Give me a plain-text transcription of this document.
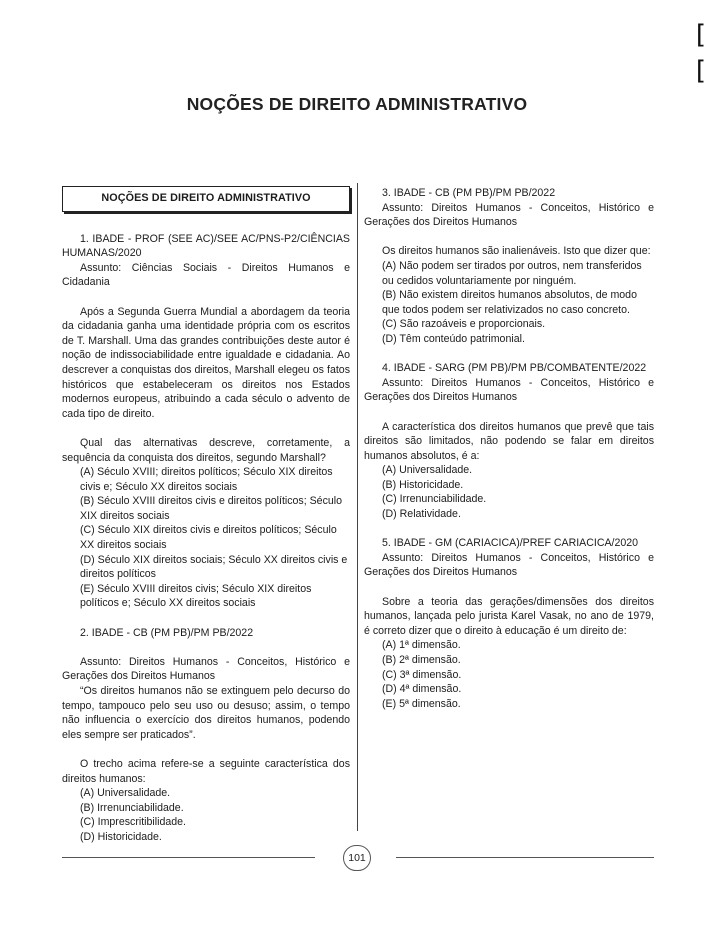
[
[
NOÇÕES DE DIREITO ADMINISTRATIVO
NOÇÕES DE DIREITO ADMINISTRATIVO

1. IBADE - PROF (SEE AC)/SEE AC/PNS-P2/CIÊNCIAS HUMANAS/2020

Assunto: Ciências Sociais - Direitos Humanos e Cidadania

Após a Segunda Guerra Mundial a abordagem da teoria da cidadania ganha uma identidade própria com os escritos de T. Marshall. Uma das grandes contribuições deste autor é noção de indissociabilidade entre igualdade e cidadania. Ao descrever a conquistas dos direitos, Marshall elegeu os fatos históricos que estabeleceram os direitos nos Estados modernos europeus, atribuindo a cada século o advento de cada tipo de direito.

Qual das alternativas descreve, corretamente, a sequência da conquista dos direitos, segundo Marshall?

(A) Século XVIII; direitos políticos; Século XIX direitos civis e; Século XX direitos sociais

(B) Século XVIII direitos civis e direitos políticos; Século XIX direitos sociais

(C) Século XIX direitos civis e direitos políticos; Século XX direitos sociais

(D) Século XIX direitos sociais; Século XX direitos civis e direitos políticos

(E) Século XVIII direitos civis; Século XIX direitos políticos e; Século XX direitos sociais

2. IBADE - CB (PM PB)/PM PB/2022

Assunto: Direitos Humanos - Conceitos, Histórico e Gerações dos Direitos Humanos

“Os direitos humanos não se extinguem pelo decurso do tempo, tampouco pelo seu uso ou desuso; assim, o tempo não influencia o exercício dos direitos humanos, podendo eles sempre ser praticados”.

O trecho acima refere-se a seguinte característica dos direitos humanos:

(A) Universalidade.

(B) Irrenunciabilidade.

(C) Imprescritibilidade.

(D) Historicidade.

3. IBADE - CB (PM PB)/PM PB/2022

Assunto: Direitos Humanos - Conceitos, Histórico e Gerações dos Direitos Humanos

Os direitos humanos são inalienáveis. Isto que dizer que:

(A) Não podem ser tirados por outros, nem transferidos ou cedidos voluntariamente por ninguém.

(B) Não existem direitos humanos absolutos, de modo que todos podem ser relativizados no caso concreto.

(C) São razoáveis e proporcionais.

(D) Têm conteúdo patrimonial.

4. IBADE - SARG (PM PB)/PM PB/COMBATENTE/2022

Assunto: Direitos Humanos - Conceitos, Histórico e Gerações dos Direitos Humanos

A característica dos direitos humanos que prevê que tais direitos são limitados, não podendo se falar em direitos humanos absolutos, é a:

(A) Universalidade.

(B) Historicidade.

(C) Irrenunciabilidade.

(D) Relatividade.

5. IBADE - GM (CARIACICA)/PREF CARIACICA/2020

Assunto: Direitos Humanos - Conceitos, Histórico e Gerações dos Direitos Humanos

Sobre a teoria das gerações/dimensões dos direitos humanos, lançada pelo jurista Karel Vasak, no ano de 1979, é correto dizer que o direito à educação é um direito de:

(A) 1ª dimensão.

(B) 2ª dimensão.

(C) 3ª dimensão.

(D) 4ª dimensão.

(E) 5ª dimensão.

101
